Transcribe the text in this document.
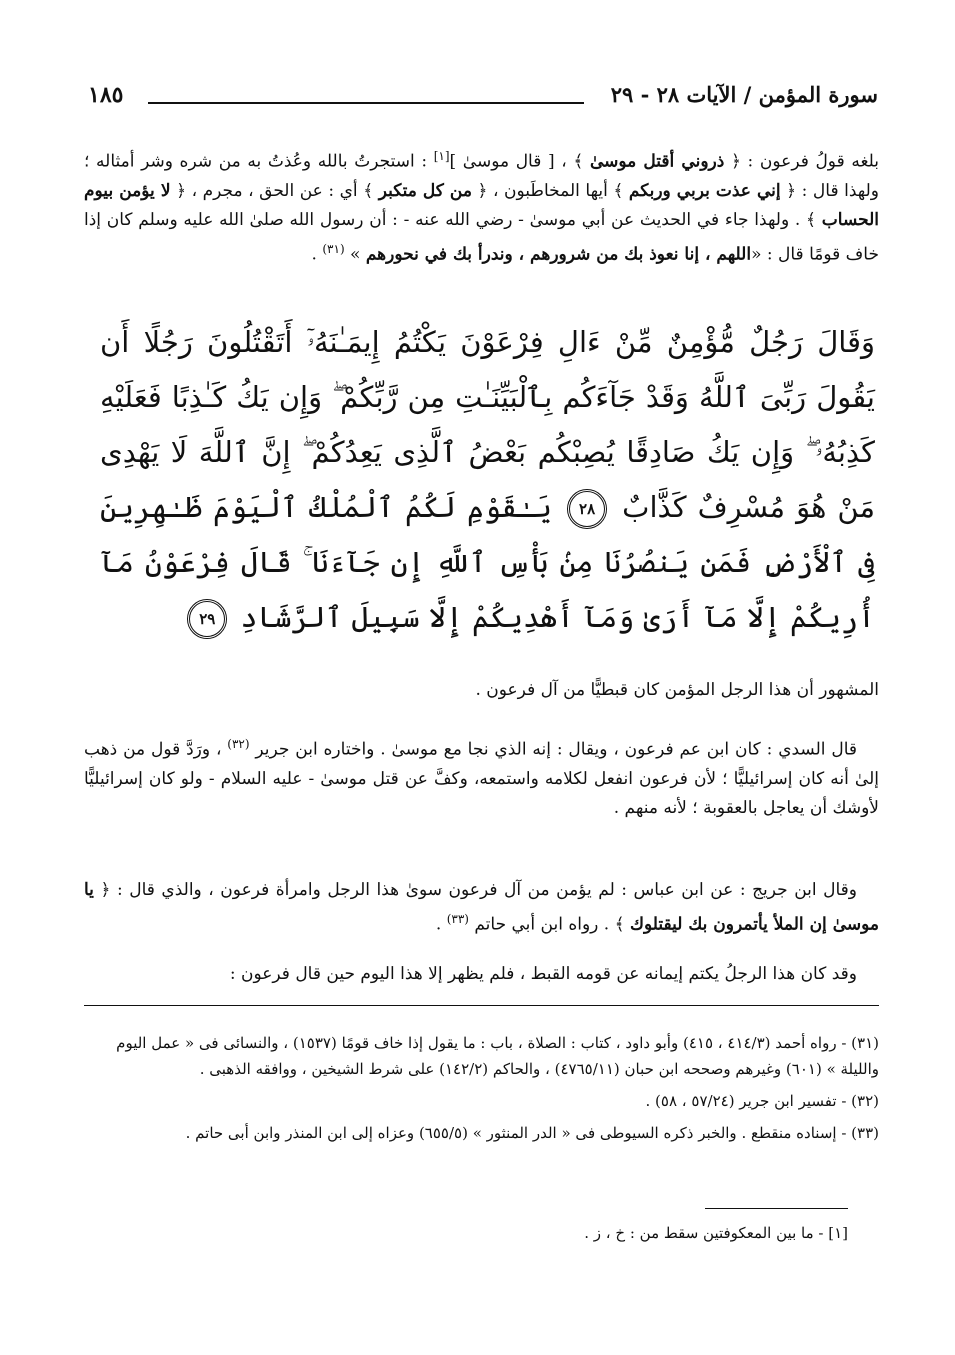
١٨٥	سورة المؤمن / الآيات ٢٨ - ٢٩
بلغه قولُ فرعون : ﴿ ذروني أقتل موسىٰ ﴾ ، [ قال موسىٰ ][١] : استجرتُ بالله وعُذتُ به من شره وشر أمثاله ؛ ولهذا قال : ﴿ إني عذت بربي وربكم ﴾ أيها المخاطَبون ، ﴿ من كل متكبر ﴾ أي : عن الحق ، مجرم ، ﴿ لا يؤمن بيوم الحساب ﴾ . ولهذا جاء في الحديث عن أبي موسىٰ - رضي الله عنه - : أن رسول الله صلىٰ الله عليه وسلم كان إذا خاف قومًا قال : «اللهم ، إنا نعوذ بك من شرورهم ، وندرأ بك في نحورهم » $^{(٣١)}$ .
وَقَالَ رَجُلٌ مُّؤْمِنٌ مِّنْ ءَالِ فِرْعَوْنَ يَكْتُمُ إِيمَـٰنَهُۥٓ أَتَقْتُلُونَ رَجُلًا أَن يَقُولَ رَبِّىَ ٱللَّهُ وَقَدْ جَآءَكُم بِٱلْبَيِّنَـٰتِ مِن رَّبِّكُمْ ۖ وَإِن يَكُ كَـٰذِبًا فَعَلَيْهِ كَذِبُهُۥ ۖ وَإِن يَكُ صَادِقًا يُصِبْكُم بَعْضُ ٱلَّذِى يَعِدُكُمْ ۖ إِنَّ ٱللَّهَ لَا يَهْدِى مَنْ هُوَ مُسْرِفٌ كَذَّابٌ ٢٨ يَـٰقَوْمِ لَكُمُ ٱلْمُلْكُ ٱلْيَوْمَ ظَـٰهِرِينَ فِى ٱلْأَرْضِ فَمَن يَنصُرُنَا مِنۢ بَأْسِ ٱللَّهِ إِن جَآءَنَا ۚ قَالَ فِرْعَوْنُ مَآ أُرِيكُمْ إِلَّا مَآ أَرَىٰ وَمَآ أَهْدِيكُمْ إِلَّا سَبِيلَ ٱلرَّشَادِ ٢٩
المشهور أن هذا الرجل المؤمن كان قبطيًّا من آل فرعون .
قال السدي : كان ابن عم فرعون ، ويقال : إنه الذي نجا مع موسىٰ . واختاره ابن جرير $^{(٣٢)}$ ، ورَدَّ قول من ذهب إلىٰ أنه كان إسرائيليًّا ؛ لأن فرعون انفعل لكلامه واستمعه، وكفَّ عن قتل موسىٰ - عليه السلام - ولو كان إسرائيليًّا لأوشك أن يعاجل بالعقوبة ؛ لأنه منهم .
وقال ابن جريج : عن ابن عباس : لم يؤمن من آل فرعون سوىٰ هذا الرجل وامرأة فرعون ، والذي قال : ﴿ يا موسىٰ إن الملأ يأتمرون بك ليقتلوك ﴾ . رواه ابن أبي حاتم $^{(٣٣)}$ .
وقد كان هذا الرجلُ يكتم إيمانه عن قومه القبط ، فلم يظهر إلا هذا اليوم حين قال فرعون :

(٣١) - رواه أحمد (٤١٤/٣ ، ٤١٥) وأبو داود ، كتاب : الصلاة ، باب : ما يقول إذا خاف قومًا (١٥٣٧) ، والنسائى فى « عمل اليوم والليلة » (٦٠١) وغيرهم وصححه ابن حبان (٤٧٦٥/١١) ، والحاكم (١٤٢/٢) على شرط الشيخين ، ووافقه الذهبى .

(٣٢) - تفسير ابن جرير (٥٧/٢٤ ، ٥٨) .

(٣٣) - إسناده منقطع . والخبر ذكره السيوطى فى « الدر المنثور » (٦٥٥/٥) وعزاه إلى ابن المنذر وابن أبى حاتم .

[١] - ما بين المعكوفتين سقط من : خ ، ز .
